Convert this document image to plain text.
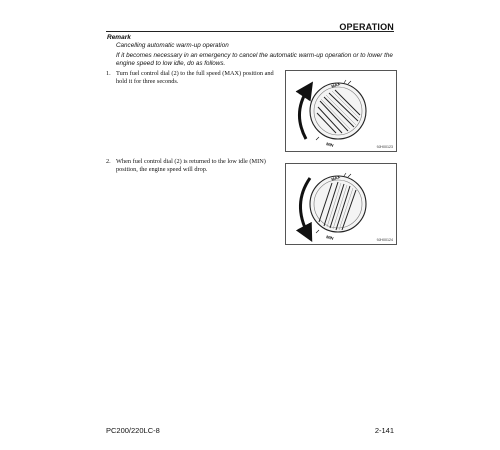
OPERATION
Remark
Cancelling automatic warm-up operation
If it becomes necessary in an emergency to cancel the automatic warm-up operation or to lower the engine speed to low idle, do as follows.
1. Turn fuel control dial (2) to the full speed (MAX) position and hold it for three seconds.	MAX
MIN	9JH00123
2. When fuel control dial (2) is returned to the low idle (MIN) position, the engine speed will drop.
MAX
MIN	9JH00124
PC200/220LC-8	2-141
